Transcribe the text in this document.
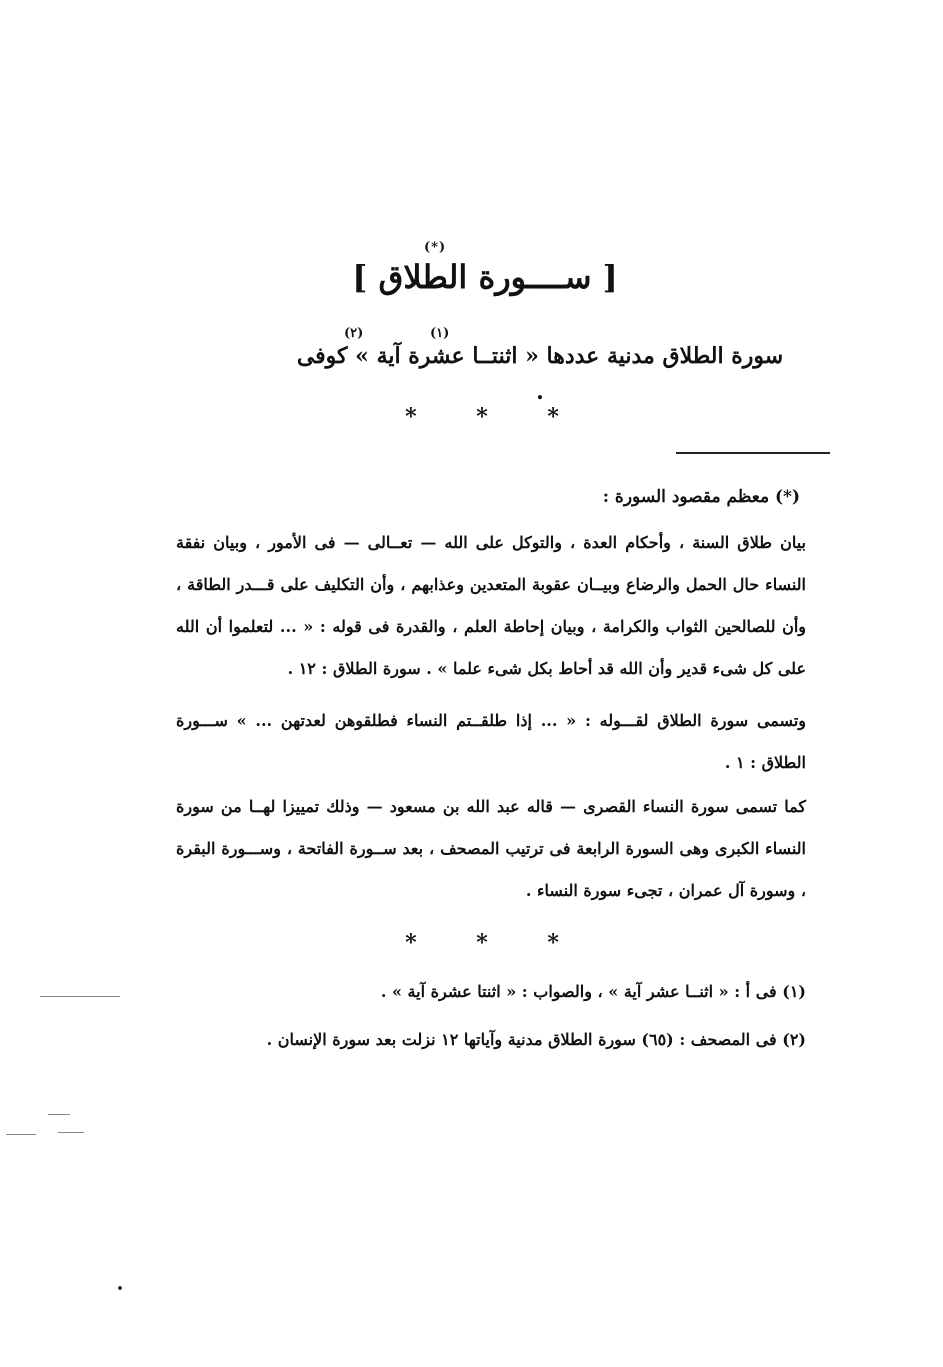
(*)
[ ســــورة الطلاق ]
(٢)	(١)
سورة الطلاق مدنية عددها « اثنتــا عشرة آية » كوفى .
* * *
(*) معظم مقصود السورة :
بيان طلاق السنة ، وأحكام العدة ، والتوكل على الله — تعــالى — فى الأمور ، وبيان نفقة النساء حال الحمل والرضاع وبيــان عقوبة المتعدين وعذابهم ، وأن التكليف على قـــدر الطاقة ، وأن للصالحين الثواب والكرامة ، وبيان إحاطة العلم ، والقدرة فى قوله : « ... لتعلموا أن الله على كل شىء قدير وأن الله قد أحاط بكل شىء علما » . سورة الطلاق : ١٢ .
وتسمى سورة الطلاق لقـــوله : « ... إذا طلقــتم النساء فطلقوهن لعدتهن ... » ســـورة الطلاق : ١ .
كما تسمى سورة النساء القصرى — قاله عبد الله بن مسعود — وذلك تمييزا لهــا من سورة النساء الكبرى وهى السورة الرابعة فى ترتيب المصحف ، بعد ســورة الفاتحة ، وســـورة البقرة ، وسورة آل عمران ، تجىء سورة النساء .
* * *
(١) فى أ : « اثنــا عشر آية » ، والصواب : « اثنتا عشرة آية » .
(٢) فى المصحف : (٦٥) سورة الطلاق مدنية وآياتها ١٢ نزلت بعد سورة الإنسان .
